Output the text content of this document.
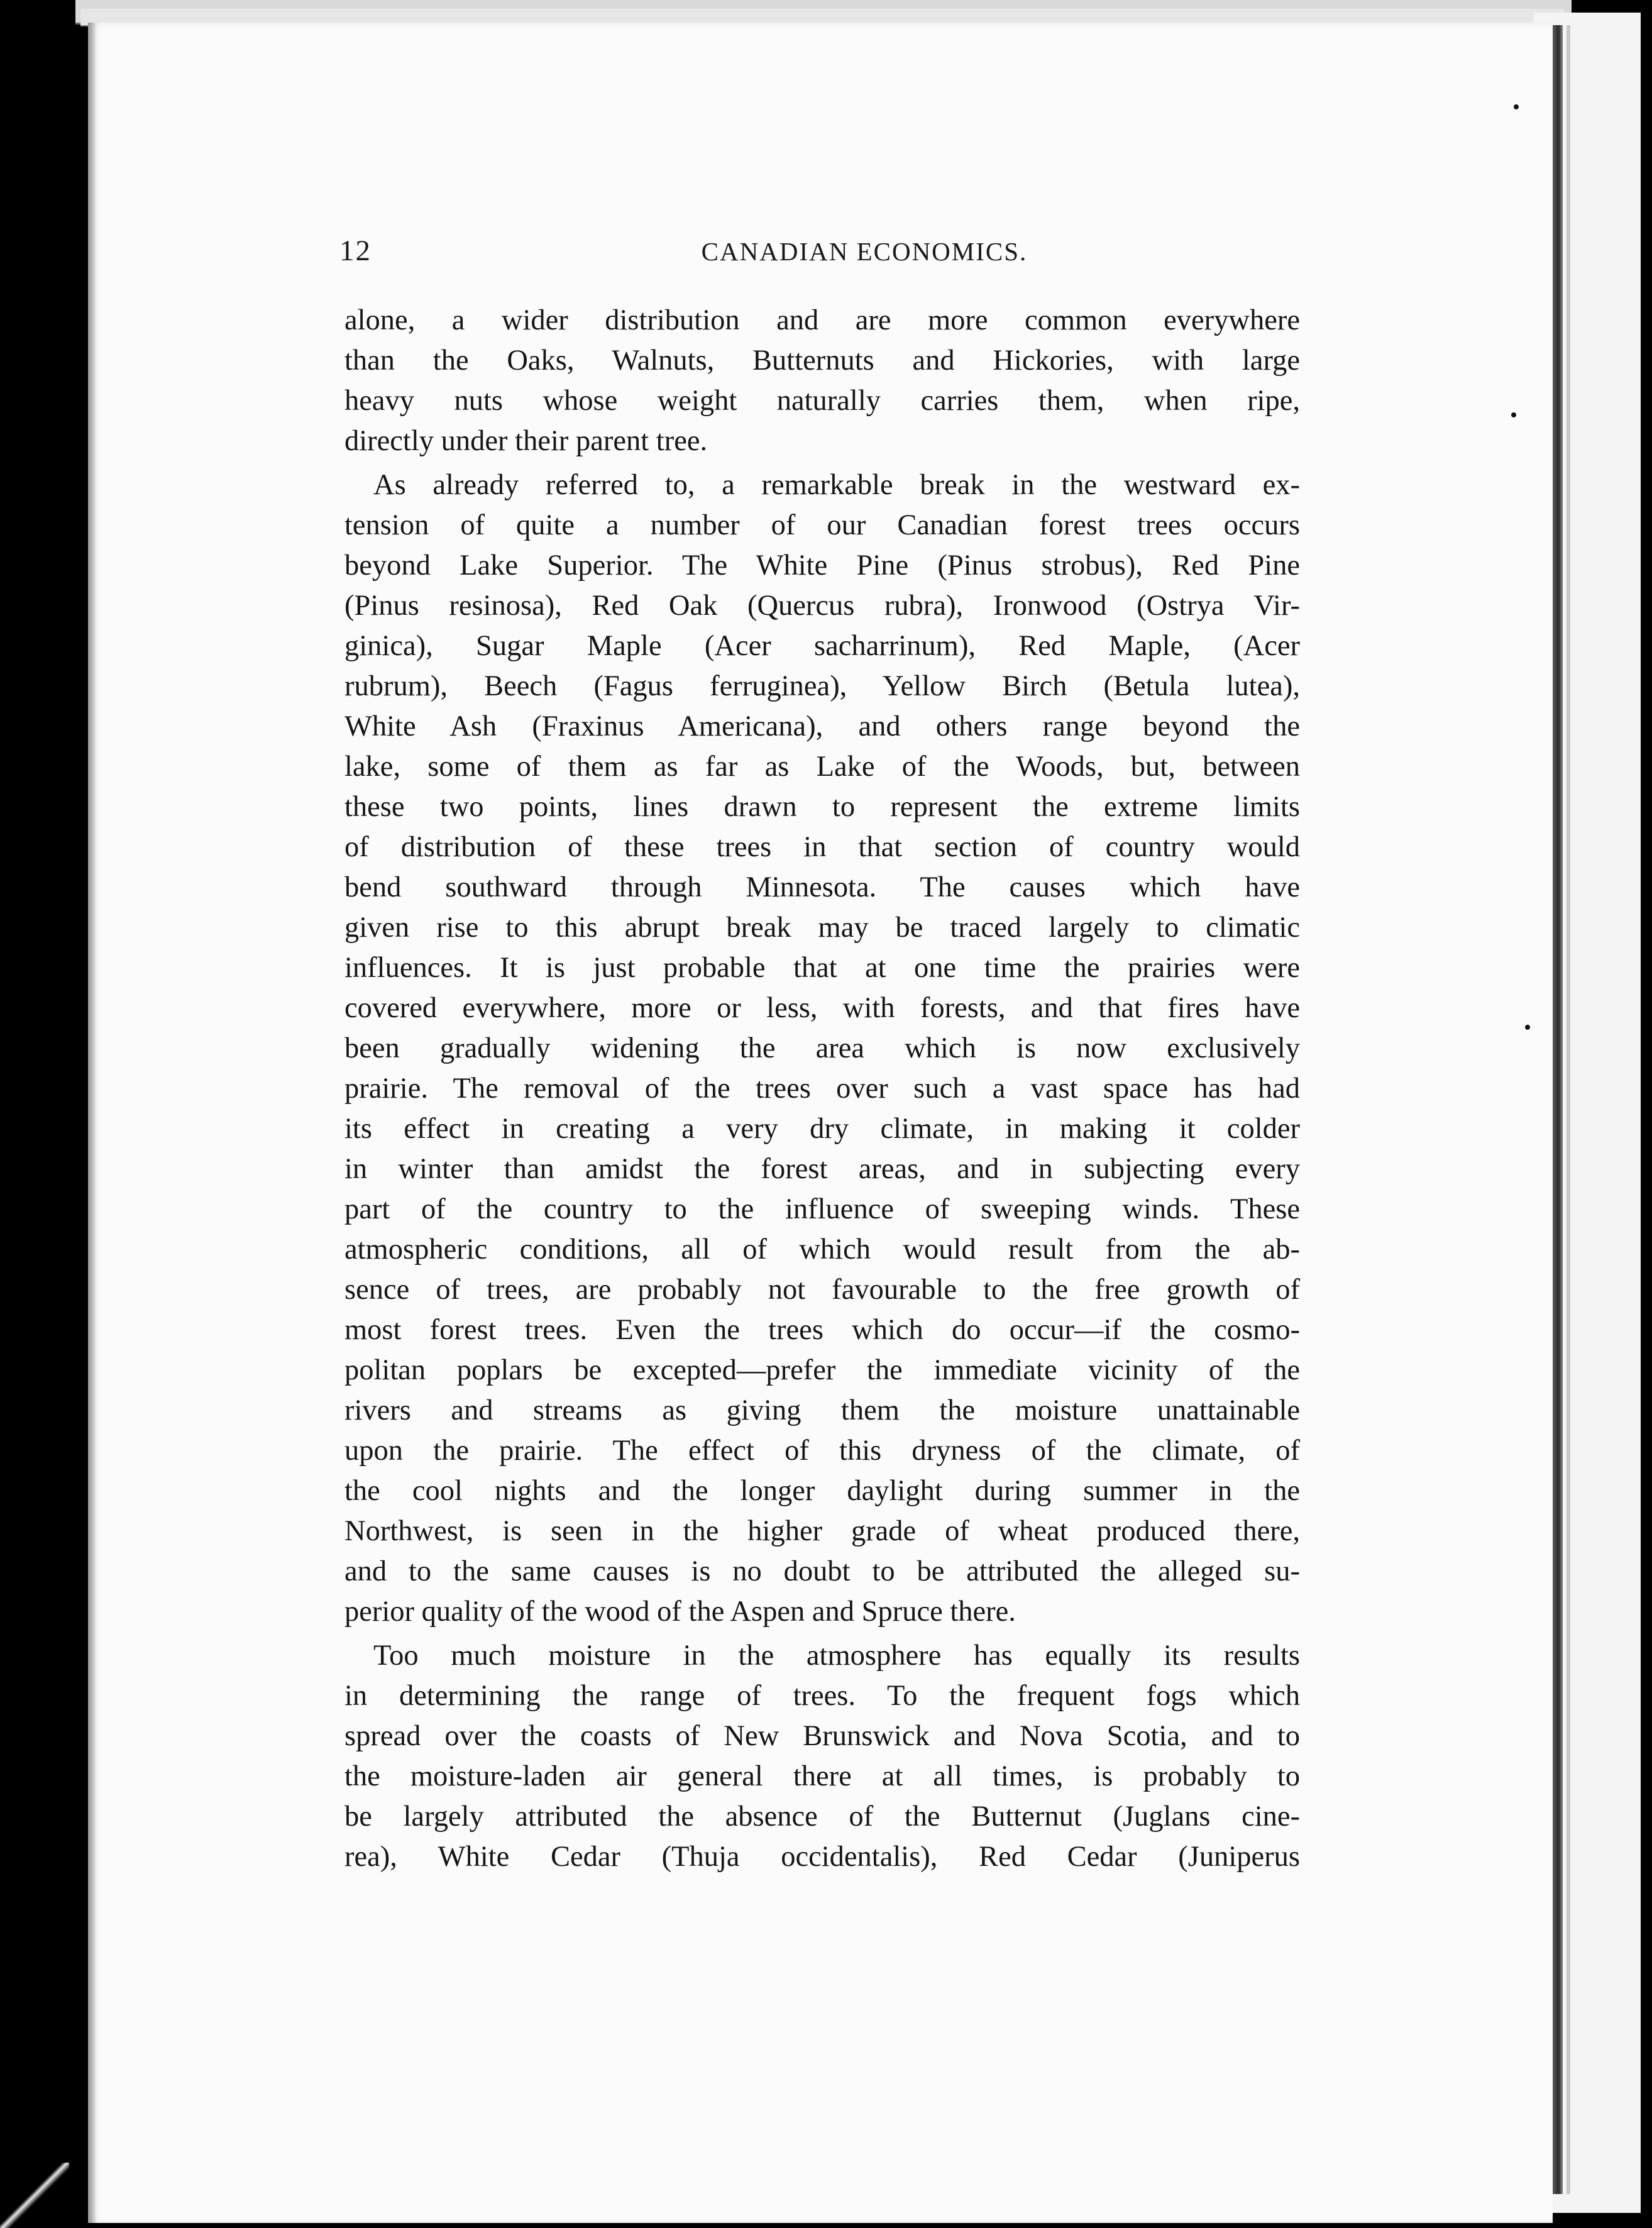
12	CANADIAN ECONOMICS.
alone, a wider distribution and are more common everywhere
than the Oaks, Walnuts, Butternuts and Hickories, with large
heavy nuts whose weight naturally carries them, when ripe,
directly under their parent tree.
As already referred to, a remarkable break in the westward ex-
tension of quite a number of our Canadian forest trees occurs
beyond Lake Superior. The White Pine (Pinus strobus), Red Pine
(Pinus resinosa), Red Oak (Quercus rubra), Ironwood (Ostrya Vir-
ginica), Sugar Maple (Acer sacharrinum), Red Maple, (Acer
rubrum), Beech (Fagus ferruginea), Yellow Birch (Betula lutea),
White Ash (Fraxinus Americana), and others range beyond the
lake, some of them as far as Lake of the Woods, but, between
these two points, lines drawn to represent the extreme limits
of distribution of these trees in that section of country would
bend southward through Minnesota. The causes which have
given rise to this abrupt break may be traced largely to climatic
influences. It is just probable that at one time the prairies were
covered everywhere, more or less, with forests, and that fires have
been gradually widening the area which is now exclusively
prairie. The removal of the trees over such a vast space has had
its effect in creating a very dry climate, in making it colder
in winter than amidst the forest areas, and in subjecting every
part of the country to the influence of sweeping winds. These
atmospheric conditions, all of which would result from the ab-
sence of trees, are probably not favourable to the free growth of
most forest trees. Even the trees which do occur—if the cosmo-
politan poplars be excepted—prefer the immediate vicinity of the
rivers and streams as giving them the moisture unattainable
upon the prairie. The effect of this dryness of the climate, of
the cool nights and the longer daylight during summer in the
Northwest, is seen in the higher grade of wheat produced there,
and to the same causes is no doubt to be attributed the alleged su-
perior quality of the wood of the Aspen and Spruce there.
Too much moisture in the atmosphere has equally its results
in determining the range of trees. To the frequent fogs which
spread over the coasts of New Brunswick and Nova Scotia, and to
the moisture-laden air general there at all times, is probably to
be largely attributed the absence of the Butternut (Juglans cine-
rea), White Cedar (Thuja occidentalis), Red Cedar (Juniperus
